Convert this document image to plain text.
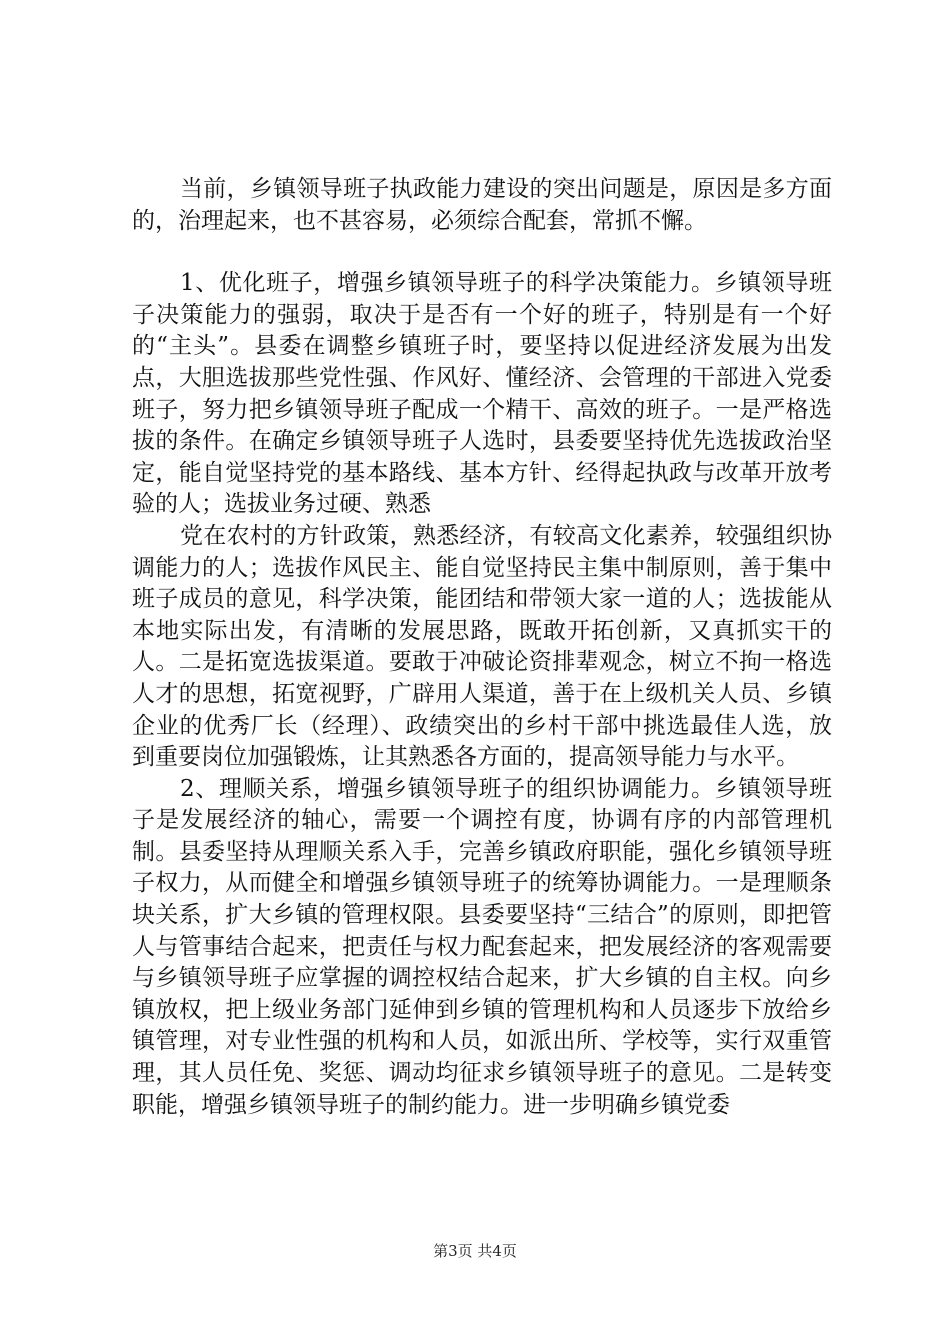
当前，乡镇领导班子执政能力建设的突出问题是，原因是多方面的，治理起来，也不甚容易，必须综合配套，常抓不懈。

1、优化班子，增强乡镇领导班子的科学决策能力。乡镇领导班子决策能力的强弱，取决于是否有一个好的班子，特别是有一个好的“主头”。县委在调整乡镇班子时，要坚持以促进经济发展为出发点，大胆选拔那些党性强、作风好、懂经济、会管理的干部进入党委班子，努力把乡镇领导班子配成一个精干、高效的班子。一是严格选拔的条件。在确定乡镇领导班子人选时，县委要坚持优先选拔政治坚定，能自觉坚持党的基本路线、基本方针、经得起执政与改革开放考验的人；选拔业务过硬、熟悉

党在农村的方针政策，熟悉经济，有较高文化素养，较强组织协调能力的人；选拔作风民主、能自觉坚持民主集中制原则，善于集中班子成员的意见，科学决策，能团结和带领大家一道的人；选拔能从本地实际出发，有清晰的发展思路，既敢开拓创新，又真抓实干的人。二是拓宽选拔渠道。要敢于冲破论资排辈观念，树立不拘一格选人才的思想，拓宽视野，广辟用人渠道，善于在上级机关人员、乡镇企业的优秀厂长（经理）、政绩突出的乡村干部中挑选最佳人选，放到重要岗位加强锻炼，让其熟悉各方面的，提高领导能力与水平。

2、理顺关系，增强乡镇领导班子的组织协调能力。乡镇领导班子是发展经济的轴心，需要一个调控有度，协调有序的内部管理机制。县委坚持从理顺关系入手，完善乡镇政府职能，强化乡镇领导班子权力，从而健全和增强乡镇领导班子的统筹协调能力。一是理顺条块关系，扩大乡镇的管理权限。县委要坚持“三结合”的原则，即把管人与管事结合起来，把责任与权力配套起来，把发展经济的客观需要与乡镇领导班子应掌握的调控权结合起来，扩大乡镇的自主权。向乡镇放权，把上级业务部门延伸到乡镇的管理机构和人员逐步下放给乡镇管理，对专业性强的机构和人员，如派出所、学校等，实行双重管理，其人员任免、奖惩、调动均征求乡镇领导班子的意见。二是转变职能，增强乡镇领导班子的制约能力。进一步明确乡镇党委

第3页 共4页
